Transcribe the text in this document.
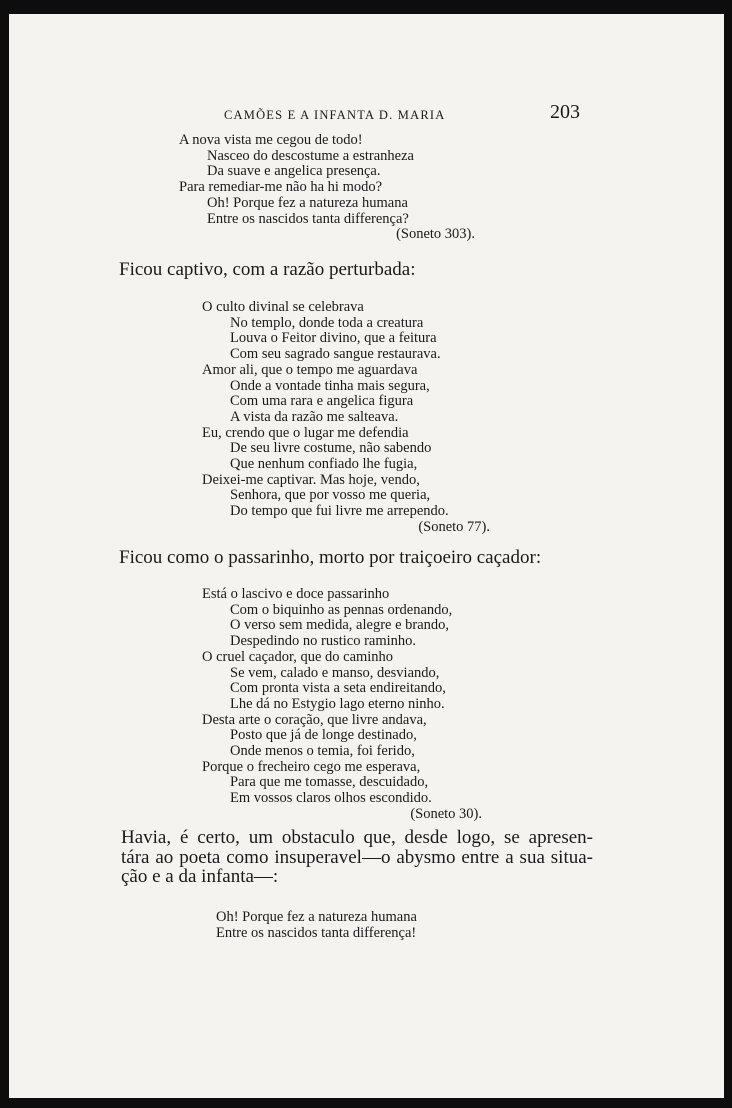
CAMÕES E A INFANTA D. MARIA	203
A nova vista me cegou de todo!
Nasceo do descostume a estranheza
Da suave e angelica presença.
Para remediar-me não ha hi modo?
Oh! Porque fez a natureza humana
Entre os nascidos tanta differença?
(Soneto 303).
Ficou captivo, com a razão perturbada:
O culto divinal se celebrava
No templo, donde toda a creatura
Louva o Feitor divino, que a feitura
Com seu sagrado sangue restaurava.
Amor ali, que o tempo me aguardava
Onde a vontade tinha mais segura,
Com uma rara e angelica figura
A vista da razão me salteava.
Eu, crendo que o lugar me defendia
De seu livre costume, não sabendo
Que nenhum confiado lhe fugia,
Deixei-me captivar. Mas hoje, vendo,
Senhora, que por vosso me queria,
Do tempo que fui livre me arrependo.
(Soneto 77).
Ficou como o passarinho, morto por traiçoeiro caçador:
Está o lascivo e doce passarinho
Com o biquinho as pennas ordenando,
O verso sem medida, alegre e brando,
Despedindo no rustico raminho.
O cruel caçador, que do caminho
Se vem, calado e manso, desviando,
Com pronta vista a seta endireitando,
Lhe dá no Estygio lago eterno ninho.
Desta arte o coração, que livre andava,
Posto que já de longe destinado,
Onde menos o temia, foi ferido,
Porque o frecheiro cego me esperava,
Para que me tomasse, descuidado,
Em vossos claros olhos escondido.
(Soneto 30).
Havia, é certo, um obstaculo que, desde logo, se apresen-
tára ao poeta como insuperavel—o abysmo entre a sua situa-
ção e a da infanta—:
Oh! Porque fez a natureza humana
Entre os nascidos tanta differença!
